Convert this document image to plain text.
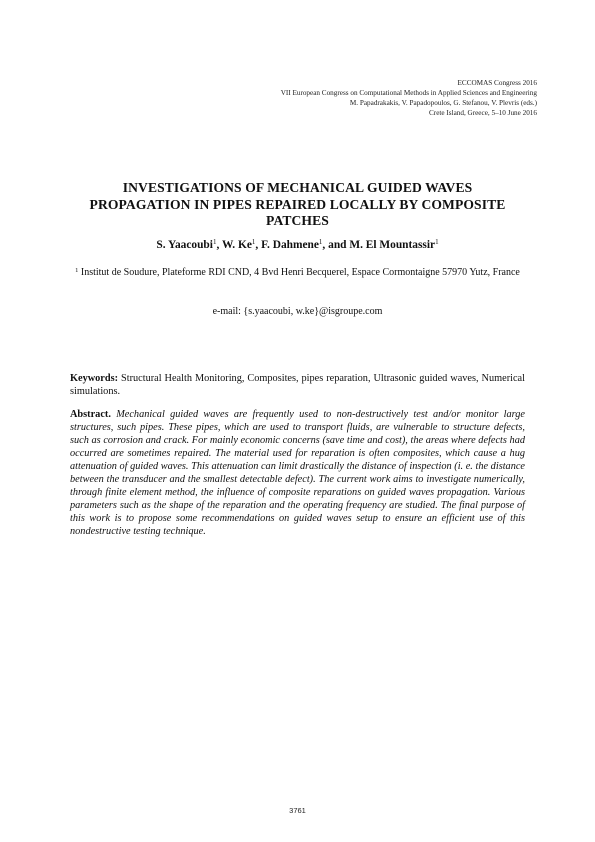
ECCOMAS Congress 2016
VII European Congress on Computational Methods in Applied Sciences and Engineering
M. Papadrakakis, V. Papadopoulos, G. Stefanou, V. Plevris (eds.)
Crete Island, Greece, 5–10 June 2016
INVESTIGATIONS OF MECHANICAL GUIDED WAVES
PROPAGATION IN PIPES REPAIRED LOCALLY BY COMPOSITE
PATCHES
S. Yaacoubi$^1$, W. Ke$^1$, F. Dahmene$^1$, and M. El Mountassir$^1$
$^1$ Institut de Soudure, Plateforme RDI CND, 4 Bvd Henri Becquerel, Espace Cormontaigne 57970 Yutz, France
e-mail: {s.yaacoubi, w.ke}@isgroupe.com
Keywords: Structural Health Monitoring, Composites, pipes reparation, Ultrasonic guided waves, Numerical simulations.
Abstract. Mechanical guided waves are frequently used to non-destructively test and/or monitor large structures, such pipes. These pipes, which are used to transport fluids, are vulnerable to structure defects, such as corrosion and crack. For mainly economic concerns (save time and cost), the areas where defects had occurred are sometimes repaired. The material used for reparation is often composites, which cause a hug attenuation of guided waves. This attenuation can limit drastically the distance of inspection (i. e. the distance between the transducer and the smallest detectable defect). The current work aims to investigate numerically, through finite element method, the influence of composite reparations on guided waves propagation. Various parameters such as the shape of the reparation and the operating frequency are studied. The final purpose of this work is to propose some recommendations on guided waves setup to ensure an efficient use of this nondestructive testing technique.
3761
